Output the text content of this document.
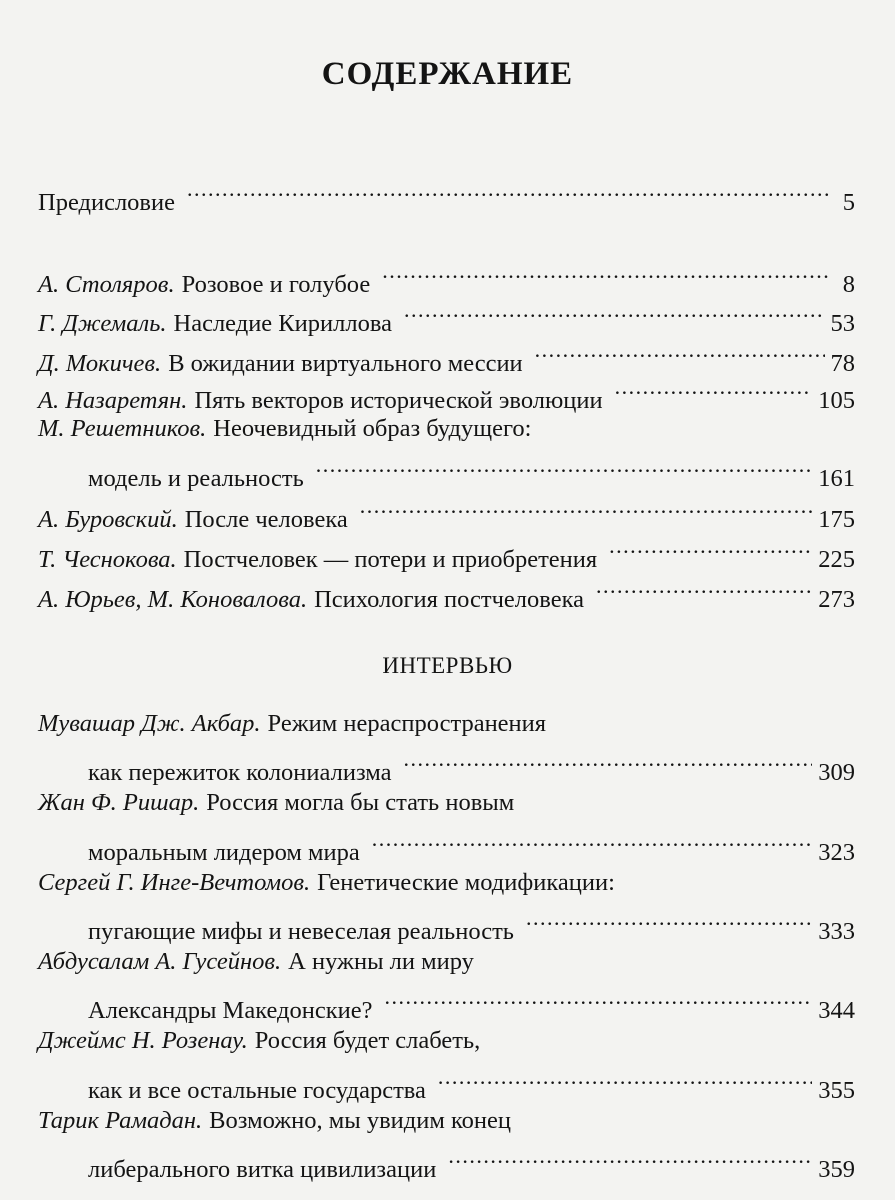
СОДЕРЖАНИЕ
Предисловие .....	5
А. Столяров. Розовое и голубое .....	8
Г. Джемаль. Наследие Кириллова .....	53
Д. Мокичев. В ожидании виртуального мессии .....	78
А. Назаретян. Пять векторов исторической эволюции .....	105
М. Решетников. Неочевидный образ будущего:
модель и реальность .....	161
А. Буровский. После человека .....	175
Т. Чеснокова. Постчеловек — потери и приобретения .....	225
А. Юрьев, М. Коновалова. Психология постчеловека .....	273
ИНТЕРВЬЮ
Мувашар Дж. Акбар. Режим нераспространения
как пережиток колониализма .....	309
Жан Ф. Ришар. Россия могла бы стать новым
моральным лидером мира .....	323
Сергей Г. Инге-Вечтомов. Генетические модификации:
пугающие мифы и невеселая реальность .....	333
Абдусалам А. Гусейнов. А нужны ли миру
Александры Македонские? .....	344
Джеймс Н. Розенау. Россия будет слабеть,
как и все остальные государства .....	355
Тарик Рамадан. Возможно, мы увидим конец
либерального витка цивилизации .....	359
